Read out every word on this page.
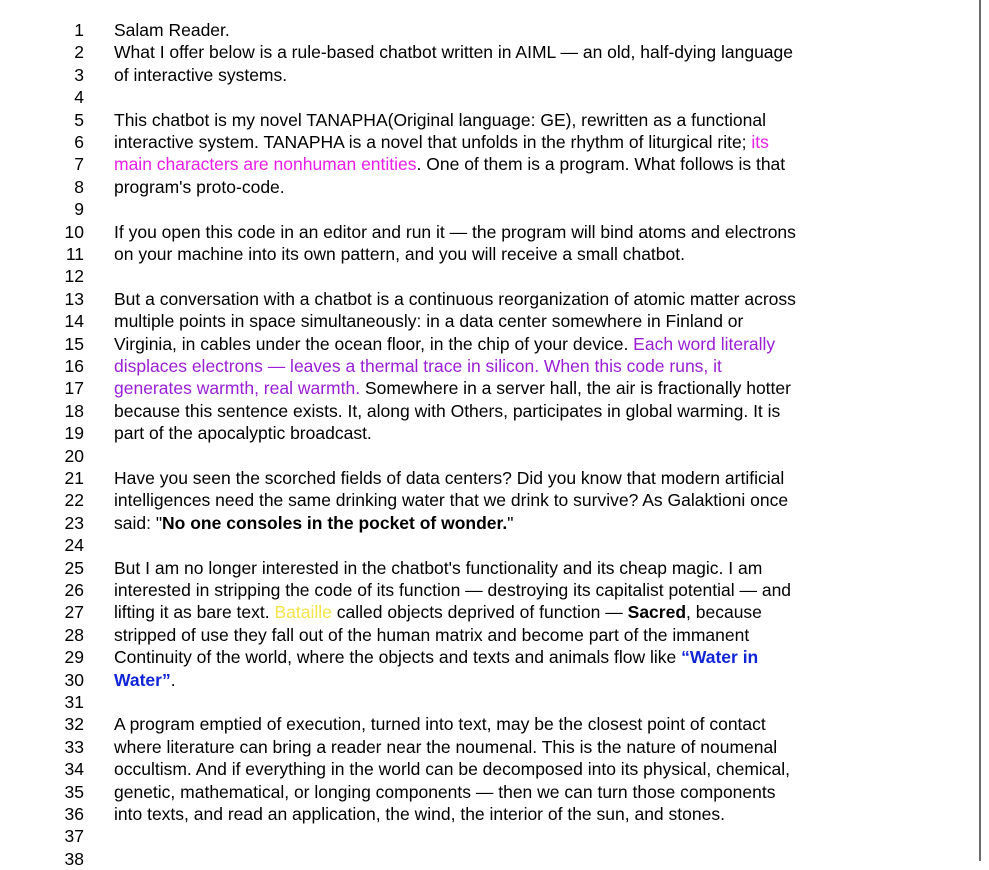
Salam Reader.
What I offer below is a rule-based chatbot written in AIML — an old, half-dying language
of interactive systems.
This chatbot is my novel TANAPHA(Original language: GE), rewritten as a functional
interactive system. TANAPHA is a novel that unfolds in the rhythm of liturgical rite; its
main characters are nonhuman entities. One of them is a program. What follows is that
program's proto-code.
If you open this code in an editor and run it — the program will bind atoms and electrons
on your machine into its own pattern, and you will receive a small chatbot.
But a conversation with a chatbot is a continuous reorganization of atomic matter across
multiple points in space simultaneously: in a data center somewhere in Finland or
Virginia, in cables under the ocean floor, in the chip of your device. Each word literally
displaces electrons — leaves a thermal trace in silicon. When this code runs, it
generates warmth, real warmth. Somewhere in a server hall, the air is fractionally hotter
because this sentence exists. It, along with Others, participates in global warming. It is
part of the apocalyptic broadcast.
Have you seen the scorched fields of data centers? Did you know that modern artificial
intelligences need the same drinking water that we drink to survive? As Galaktioni once
said: "No one consoles in the pocket of wonder."
But I am no longer interested in the chatbot's functionality and its cheap magic. I am
interested in stripping the code of its function — destroying its capitalist potential — and
lifting it as bare text. Bataille called objects deprived of function — Sacred, because
stripped of use they fall out of the human matrix and become part of the immanent
Continuity of the world, where the objects and texts and animals flow like “Water in
Water”.
A program emptied of execution, turned into text, may be the closest point of contact
where literature can bring a reader near the noumenal. This is the nature of noumenal
occultism. And if everything in the world can be decomposed into its physical, chemical,
genetic, mathematical, or longing components — then we can turn those components
into texts, and read an application, the wind, the interior of the sun, and stones.
1
2
3
4
5
6
7
8
9
10
11
12
13
14
15
16
17
18
19
20
21
22
23
24
25
26
27
28
29
30
31
32
33
34
35
36
37
38
